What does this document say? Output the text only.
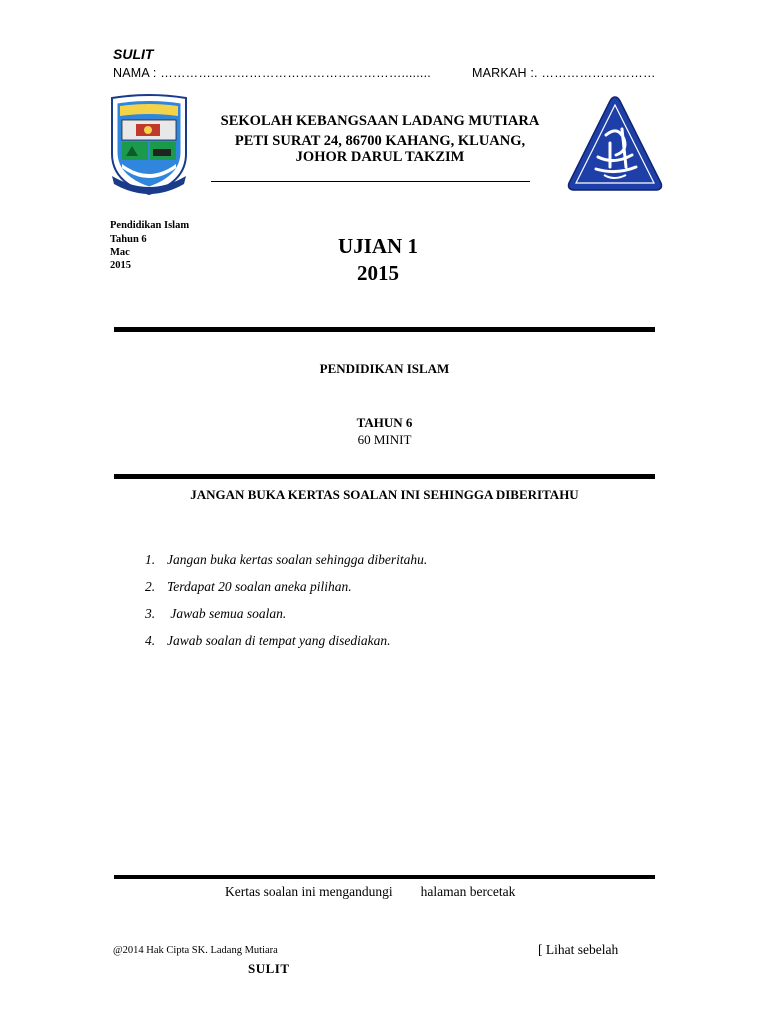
SULIT
NAMA : …………………………………………………........	MARKAH :. ………………………
SEKOLAH KEBANGSAAN LADANG MUTIARA
PETI SURAT 24, 86700 KAHANG, KLUANG,
JOHOR DARUL TAKZIM
Pendidikan Islam
Tahun 6
Mac
2015
UJIAN 1
2015
PENDIDIKAN ISLAM
TAHUN 6
60 MINIT
JANGAN BUKA KERTAS SOALAN INI SEHINGGA DIBERITAHU
1. Jangan buka kertas soalan sehingga diberitahu.
2. Terdapat 20 soalan aneka pilihan.
3. Jawab semua soalan.
4. Jawab soalan di tempat yang disediakan.
Kertas soalan ini mengandungi halaman bercetak
@2014 Hak Cipta SK. Ladang Mutiara	[ Lihat sebelah
SULIT
